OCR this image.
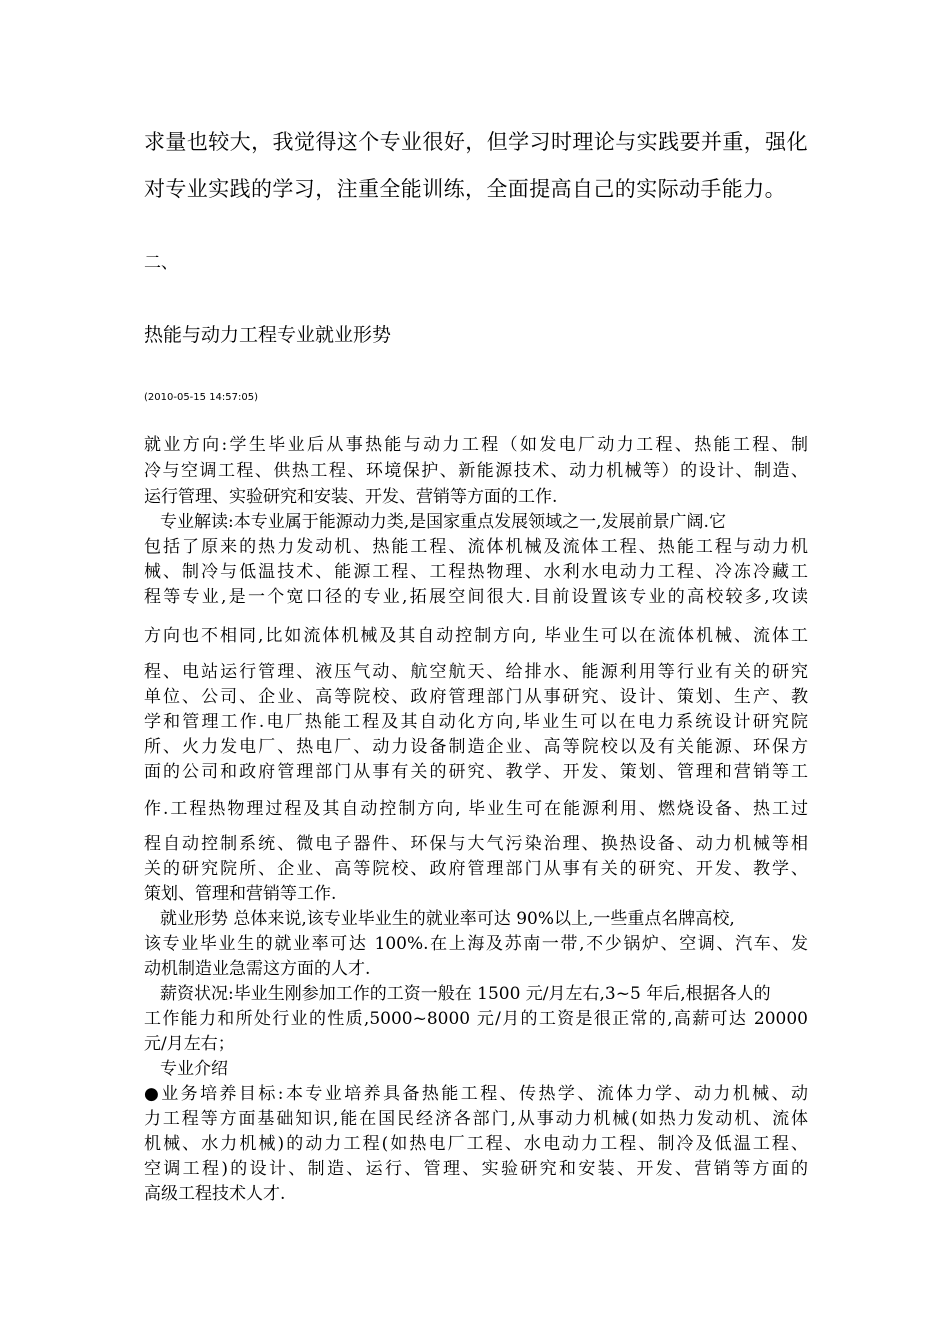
求量也较大，我觉得这个专业很好，但学习时理论与实践要并重，强化
对专业实践的学习，注重全能训练，全面提高自己的实际动手能力。
二、
热能与动力工程专业就业形势
(2010-05-15 14:57:05)
就业方向:学生毕业后从事热能与动力工程（如发电厂动力工程、热能工程、制
冷与空调工程、供热工程、环境保护、新能源技术、动力机械等）的设计、制造、
运行管理、实验研究和安装、开发、营销等方面的工作.
专业解读:本专业属于能源动力类,是国家重点发展领域之一,发展前景广阔.它
包括了原来的热力发动机、热能工程、流体机械及流体工程、热能工程与动力机
械、制冷与低温技术、能源工程、工程热物理、水利水电动力工程、冷冻冷藏工
程等专业,是一个宽口径的专业,拓展空间很大.目前设置该专业的高校较多,攻读
方向也不相同,比如流体机械及其自动控制方向, 毕业生可以在流体机械、流体工
程、电站运行管理、液压气动、航空航天、给排水、能源利用等行业有关的研究
单位、公司、企业、高等院校、政府管理部门从事研究、设计、策划、生产、教
学和管理工作.电厂热能工程及其自动化方向,毕业生可以在电力系统设计研究院
所、火力发电厂、热电厂、动力设备制造企业、高等院校以及有关能源、环保方
面的公司和政府管理部门从事有关的研究、教学、开发、策划、管理和营销等工
作.工程热物理过程及其自动控制方向, 毕业生可在能源利用、燃烧设备、热工过
程自动控制系统、微电子器件、环保与大气污染治理、换热设备、动力机械等相
关的研究院所、企业、高等院校、政府管理部门从事有关的研究、开发、教学、
策划、管理和营销等工作.
就业形势 总体来说,该专业毕业生的就业率可达 90%以上,一些重点名牌高校,
该专业毕业生的就业率可达 100%.在上海及苏南一带,不少锅炉、空调、汽车、发
动机制造业急需这方面的人才.
薪资状况:毕业生刚参加工作的工资一般在 1500 元/月左右,3~5 年后,根据各人的
工作能力和所处行业的性质,5000~8000 元/月的工资是很正常的,高薪可达 20000
元/月左右；
专业介绍
●业务培养目标:本专业培养具备热能工程、传热学、流体力学、动力机械、动
力工程等方面基础知识,能在国民经济各部门,从事动力机械(如热力发动机、流体
机械、水力机械)的动力工程(如热电厂工程、水电动力工程、制冷及低温工程、
空调工程)的设计、制造、运行、管理、实验研究和安装、开发、营销等方面的
高级工程技术人才.
